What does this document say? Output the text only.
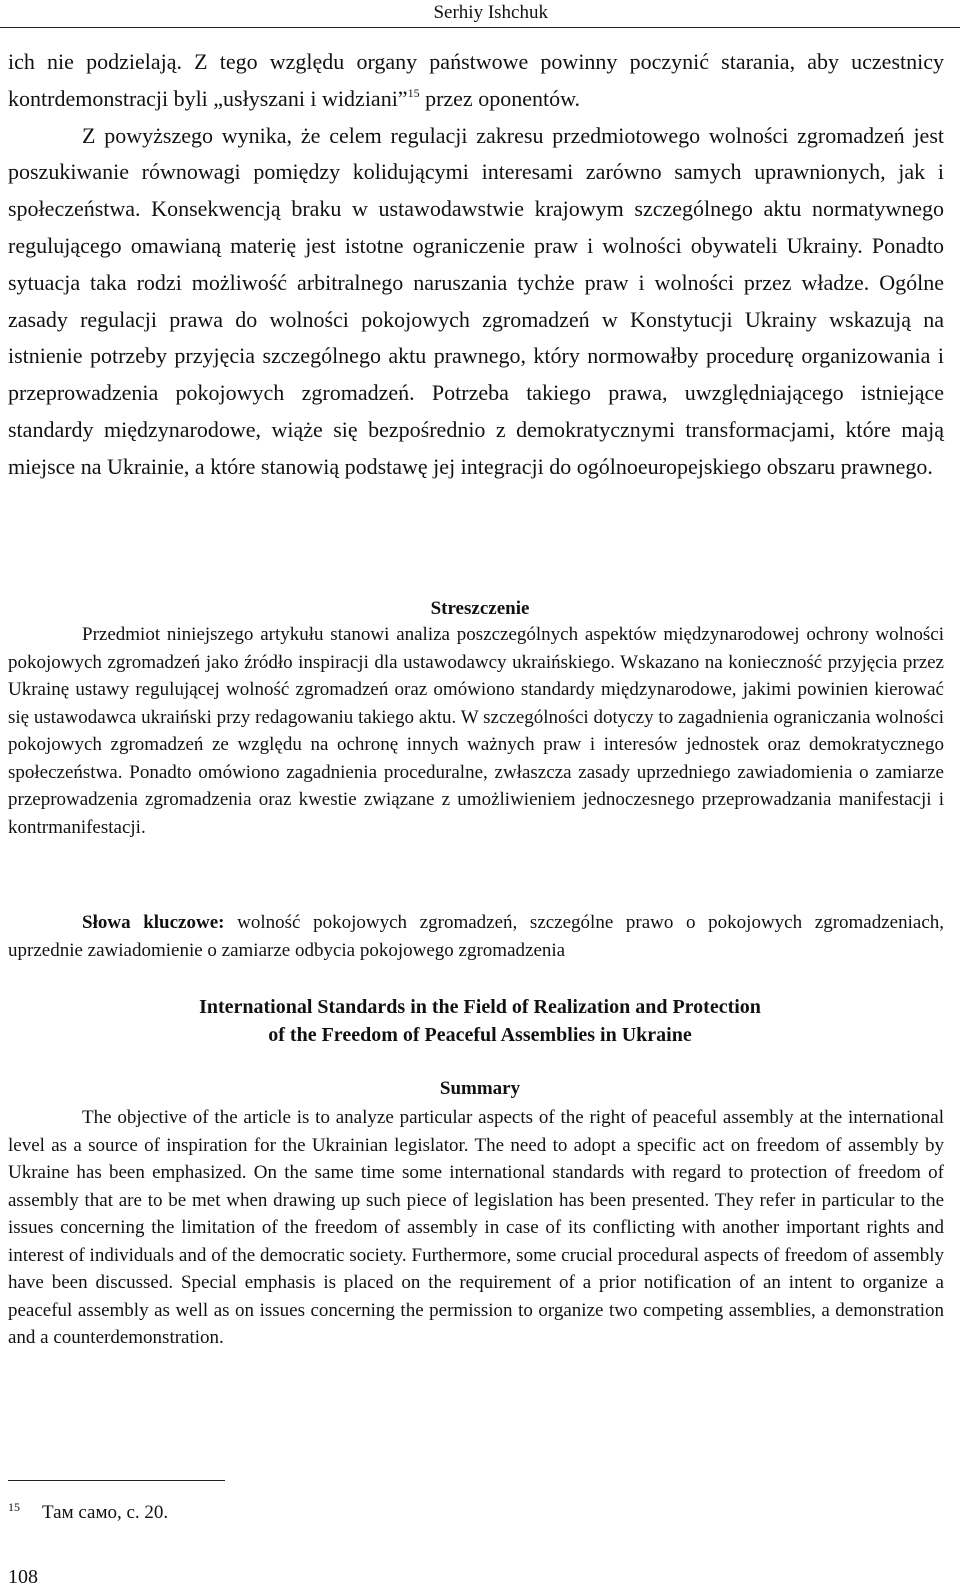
Serhiy Ishchuk

ich nie podzielają. Z tego względu organy państwowe powinny poczynić starania, aby uczestnicy kontrdemonstracji byli „usłyszani i widziani”$^{15}$ przez oponentów.

Z powyższego wynika, że celem regulacji zakresu przedmiotowego wolności zgromadzeń jest poszukiwanie równowagi pomiędzy kolidującymi interesami zarówno samych uprawnionych, jak i społeczeństwa. Konsekwencją braku w ustawodawstwie krajowym szczególnego aktu normatywnego regulującego omawianą materię jest istotne ograniczenie praw i wolności obywateli Ukrainy. Ponadto sytuacja taka rodzi możliwość arbitralnego naruszania tychże praw i wolności przez władze. Ogólne zasady regulacji prawa do wolności pokojowych zgromadzeń w Konstytucji Ukrainy wskazują na istnienie potrzeby przyjęcia szczególnego aktu prawnego, który normowałby procedurę organizowania i przeprowadzenia pokojowych zgromadzeń. Potrzeba takiego prawa, uwzględniającego istniejące standardy międzynarodowe, wiąże się bezpośrednio z demokratycznymi transformacjami, które mają miejsce na Ukrainie, a które stanowią podstawę jej integracji do ogólnoeuropejskiego obszaru prawnego.

Streszczenie

Przedmiot niniejszego artykułu stanowi analiza poszczególnych aspektów międzynarodowej ochrony wolności pokojowych zgromadzeń jako źródło inspiracji dla ustawodawcy ukraińskiego. Wskazano na konieczność przyjęcia przez Ukrainę ustawy regulującej wolność zgromadzeń oraz omówiono standardy międzynarodowe, jakimi powinien kierować się ustawodawca ukraiński przy redagowaniu takiego aktu. W szczególności dotyczy to zagadnienia ograniczania wolności pokojowych zgromadzeń ze względu na ochronę innych ważnych praw i interesów jednostek oraz demokratycznego społeczeństwa. Ponadto omówiono zagadnienia proceduralne, zwłaszcza zasady uprzedniego zawiadomienia o zamiarze przeprowadzenia zgromadzenia oraz kwestie związane z umożliwieniem jednoczesnego przeprowadzania manifestacji i kontrmanifestacji.

Słowa kluczowe: wolność pokojowych zgromadzeń, szczególne prawo o pokojowych zgromadzeniach, uprzednie zawiadomienie o zamiarze odbycia pokojowego zgromadzenia

International Standards in the Field of Realization and Protection
of the Freedom of Peaceful Assemblies in Ukraine
Summary

The objective of the article is to analyze particular aspects of the right of peaceful assembly at the international level as a source of inspiration for the Ukrainian legislator. The need to adopt a specific act on freedom of assembly by Ukraine has been emphasized. On the same time some international standards with regard to protection of freedom of assembly that are to be met when drawing up such piece of legislation has been presented. They refer in particular to the issues concerning the limitation of the freedom of assembly in case of its conflicting with another important rights and interest of individuals and of the democratic society. Furthermore, some crucial procedural aspects of freedom of assembly have been discussed. Special emphasis is placed on the requirement of a prior notification of an intent to organize a peaceful assembly as well as on issues concerning the permission to organize two competing assemblies, a demonstration and a counterdemonstration.

$^{15}$ Там само, с. 20.
108
